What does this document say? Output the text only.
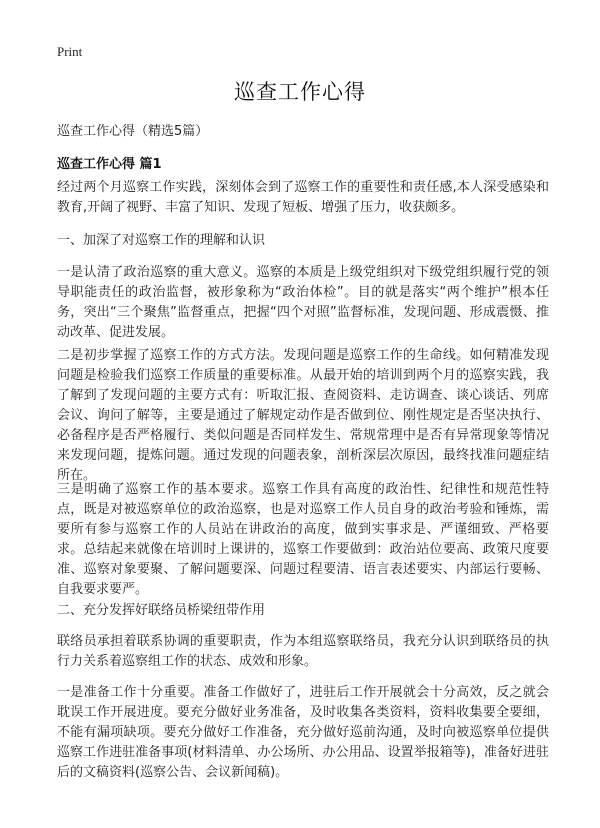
Print
巡查工作心得
巡查工作心得（精选5篇）
巡查工作心得 篇1

经过两个月巡察工作实践，深刻体会到了巡察工作的重要性和责任感,本人深受感染和教育,开阔了视野、丰富了知识、发现了短板、增强了压力，收获颇多。

一、加深了对巡察工作的理解和认识

一是认清了政治巡察的重大意义。巡察的本质是上级党组织对下级党组织履行党的领导职能责任的政治监督，被形象称为“政治体检”。目的就是落实“两个维护”根本任务，突出“三个聚焦”监督重点，把握“四个对照”监督标准，发现问题、形成震慑、推动改革、促进发展。

二是初步掌握了巡察工作的方式方法。发现问题是巡察工作的生命线。如何精准发现问题是检验我们巡察工作质量的重要标准。从最开始的培训到两个月的巡察实践，我了解到了发现问题的主要方式有：听取汇报、查阅资料、走访调查、谈心谈话、列席会议、询问了解等，主要是通过了解规定动作是否做到位、刚性规定是否坚决执行、必备程序是否严格履行、类似问题是否同样发生、常规常理中是否有异常现象等情况来发现问题，提炼问题。通过发现的问题表象，剖析深层次原因，最终找准问题症结所在。

三是明确了巡察工作的基本要求。巡察工作具有高度的政治性、纪律性和规范性特点，既是对被巡察单位的政治巡察，也是对巡察工作人员自身的政治考验和锤炼，需要所有参与巡察工作的人员站在讲政治的高度，做到实事求是、严谨细致、严格要求。总结起来就像在培训时上课讲的，巡察工作要做到：政治站位要高、政策尺度要准、巡察对象要聚、了解问题要深、问题过程要清、语言表述要实、内部运行要畅、自我要求要严。

二、充分发挥好联络员桥梁纽带作用

联络员承担着联系协调的重要职责，作为本组巡察联络员，我充分认识到联络员的执行力关系着巡察组工作的状态、成效和形象。

一是准备工作十分重要。准备工作做好了，进驻后工作开展就会十分高效，反之就会耽误工作开展进度。要充分做好业务准备，及时收集各类资料，资料收集要全要细，不能有漏项缺项。要充分做好工作准备，充分做好巡前沟通，及时向被巡察单位提供巡察工作进驻准备事项(材料清单、办公场所、办公用品、设置举报箱等)，准备好进驻后的文稿资料(巡察公告、会议新闻稿)。
